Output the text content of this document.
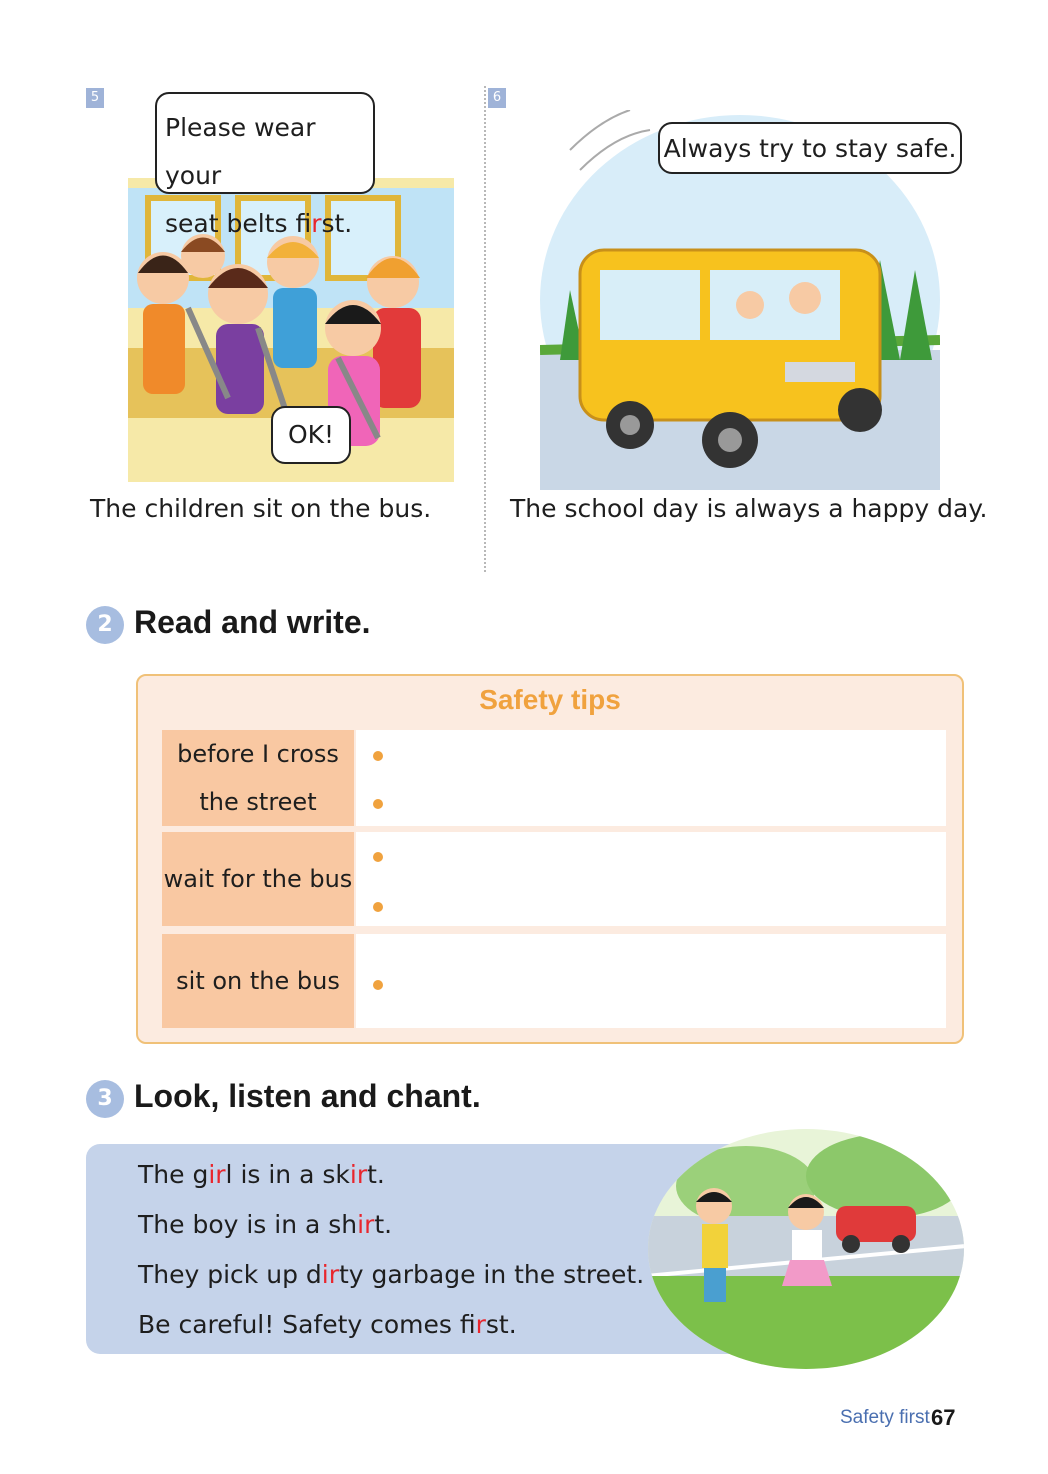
5
Please wear your
seat belts first.
OK!
The children sit on the bus.
6
Always try to stay safe.
The school day is always a happy day.
2 Read and write.
Safety tips
before I cross
the street
wait for the bus
sit on the bus
3 Look, listen and chant.
The girl is in a skirt.
The boy is in a shirt.
They pick up dirty garbage in the street.
Be careful! Safety comes first.
Safety first 67
